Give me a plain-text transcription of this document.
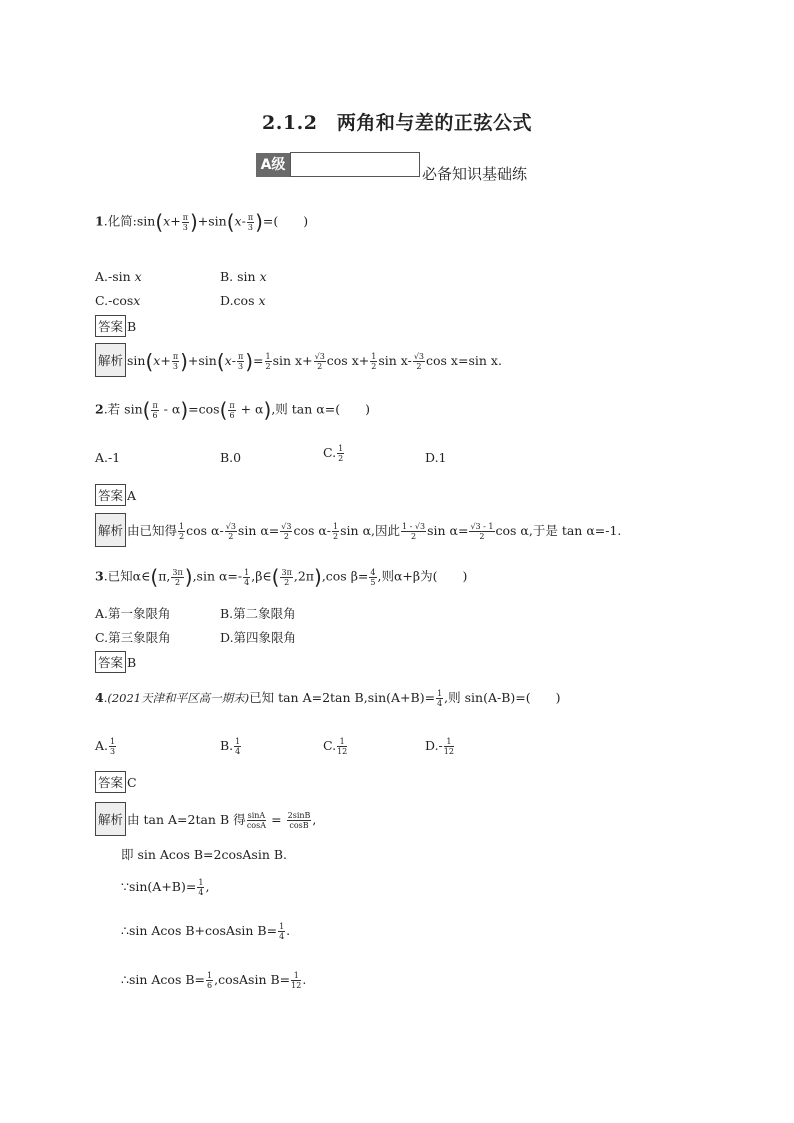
2.1.2　两角和与差的正弦公式
A级	必备知识基础练
1.化简:sin(x+ $\frac{\pi}{3} )+\sin(x- \frac{\pi}{3}$ )=(　　)
A.-sin x	B. sin x
C.-cosx	D.cos x
答案 B
解析 $\sin(x+ \frac{\pi}{3} )+\sin(x- \frac{\pi}{3}$ )= $\frac{1}{2}$ $\sin x+ \frac{√3}{2}$ $\cos x+ \frac{1}{2}$ $\sin x- \frac{√3}{2}$ cos x=sin x.
2.若 $\sin( \frac{\pi}{6} - \alpha)=\cos( \frac{\pi}{6} + \alpha)$,则 tan α=(　　)
A.-1	B.0	C. $\frac{1}{2}$	D.1
答案 A
解析 由已知得 $\frac{1}{2}$ $\cos \alpha- \frac{√3}{2}$ $\sin \alpha= \frac{√3}{2}$ $\cos \alpha- \frac{1}{2}$ sin α,因此 $\frac{1 - √3}{2}$ $\sin \alpha= \frac{√3 - 1}{2}$ cos α,于是 tan α=-1.
3.已知α∈(π, $\frac{3\pi}{2} ),\sin$ $\alpha=- \frac{1}{4}$ ,β∈( $\frac{3\pi}{2} ,2\pi),\cos$ $\beta= \frac{4}{5}$ ,则α+β为(　　)
A.第一象限角	B.第二象限角
C.第三象限角	D.第四象限角
答案 B
4.(2021天津和平区高一期末)已知 tan A=2tan $B,\sin(A+B)= \frac{1}{4}$ ,则 sin(A-B)=(　　)
A. $\frac{1}{3}$	B. $\frac{1}{4}$	C. $\frac{1}{12}$	$D.- \frac{1}{12}$
答案 C
解析 由 tan A=2tan B 得 $\frac{\sin A}{\cos A} = \frac{2\sin B}{\cos B}$ ,
即 sin Acos B=2cosAsin B.
∵sin(A+B)= $\frac{1}{4}$ ,
∴sin Acos B+cosAsin $B= \frac{1}{4}$ .
∴sin Acos $B= \frac{1}{6}$ ,cosAsin $B= \frac{1}{12}$ .
